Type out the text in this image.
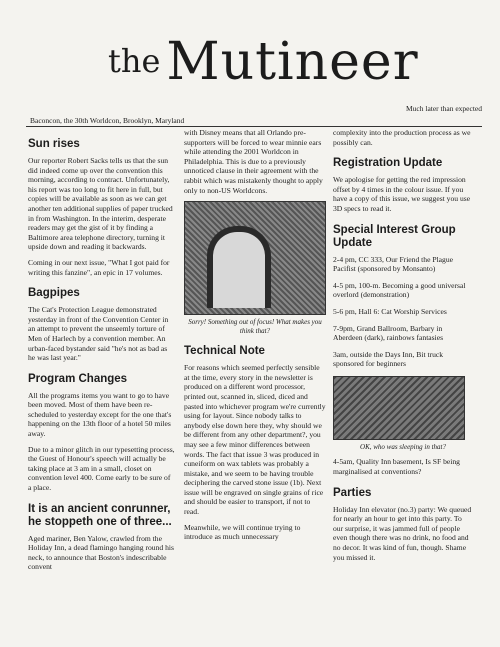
the Mutineer
Baconcon, the 30th Worldcon, Brooklyn, Maryland
Much later than expected
Sun rises

Our reporter Robert Sacks tells us that the sun did indeed come up over the convention this morning, according to contract. Unfortunately, his report was too long to fit here in full, but copies will be available as soon as we can get another ten additional supplies of paper trucked in from Washington. In the interim, desperate readers may get the gist of it by finding a Baltimore area telephone directory, turning it upside down and reading it backwards.

Coming in our next issue, "What I got paid for writing this fanzine", an epic in 17 volumes.

Bagpipes

The Cat's Protection League demonstrated yesterday in front of the Convention Center in an attempt to prevent the unseemly torture of Men of Harlech by a convention member. An urban-faced bystander said "he's not as bad as he was last year."

Program Changes

All the programs items you want to go to have been moved. Most of them have been re-scheduled to yesterday except for the one that's happening on the 13th floor of a hotel 50 miles away.

Due to a minor glitch in our typesetting process, the Guest of Honour's speech will actually be taking place at 3 am in a small, closet on convention level 400. Come early to be sure of a place.

It is an ancient conrunner, he stoppeth one of three...

Aged mariner, Ben Yalow, crawled from the Holiday Inn, a dead flamingo hanging round his neck, to announce that Boston's indescribable convent

with Disney means that all Orlando pre-supporters will be forced to wear minnie ears while attending the 2001 Worldcon in Philadelphia. This is due to a previously unnoticed clause in their agreement with the rabbit which was mistakenly thought to apply only to non-US Worldcons.

Sorry! Something out of focus! What makes you think that?
Technical Note

For reasons which seemed perfectly sensible at the time, every story in the newsletter is produced on a different word processor, printed out, scanned in, sliced, diced and pasted into whichever program we're currently using for layout. Since nobody talks to anybody else down here they, why should we be different from any other department?, you may see a few minor differences between words. The fact that issue 3 was produced in cuneiform on wax tablets was probably a mistake, and we seem to be having trouble deciphering the carved stone issue (1b). Next issue will be engraved on single grains of rice and should be easier to transport, if not to read.

Meanwhile, we will continue trying to introduce as much unnecessary

complexity into the production process as we possibly can.

Registration Update

We apologise for getting the red impression offset by 4 times in the colour issue. If you have a copy of this issue, we suggest you use 3D specs to read it.

Special Interest Group Update

2-4 pm, CC 333, Our Friend the Plague Pacifist (sponsored by Monsanto)

4-5 pm, 100-m. Becoming a good universal overlord (demonstration)

5-6 pm, Hall 6: Cat Worship Services

7-9pm, Grand Ballroom, Barbary in Aberdeen (dark), rainbows fantasies

3am, outside the Days Inn, Bit truck sponsored for beginners

OK, who was sleeping in that?

4-5am, Quality Inn basement, Is SF being marginalised at conventions?

Parties

Holiday Inn elevator (no.3) party: We queued for nearly an hour to get into this party. To our surprise, it was jammed full of people even though there was no drink, no food and no decor. It was kind of fun, though. Shame you missed it.
